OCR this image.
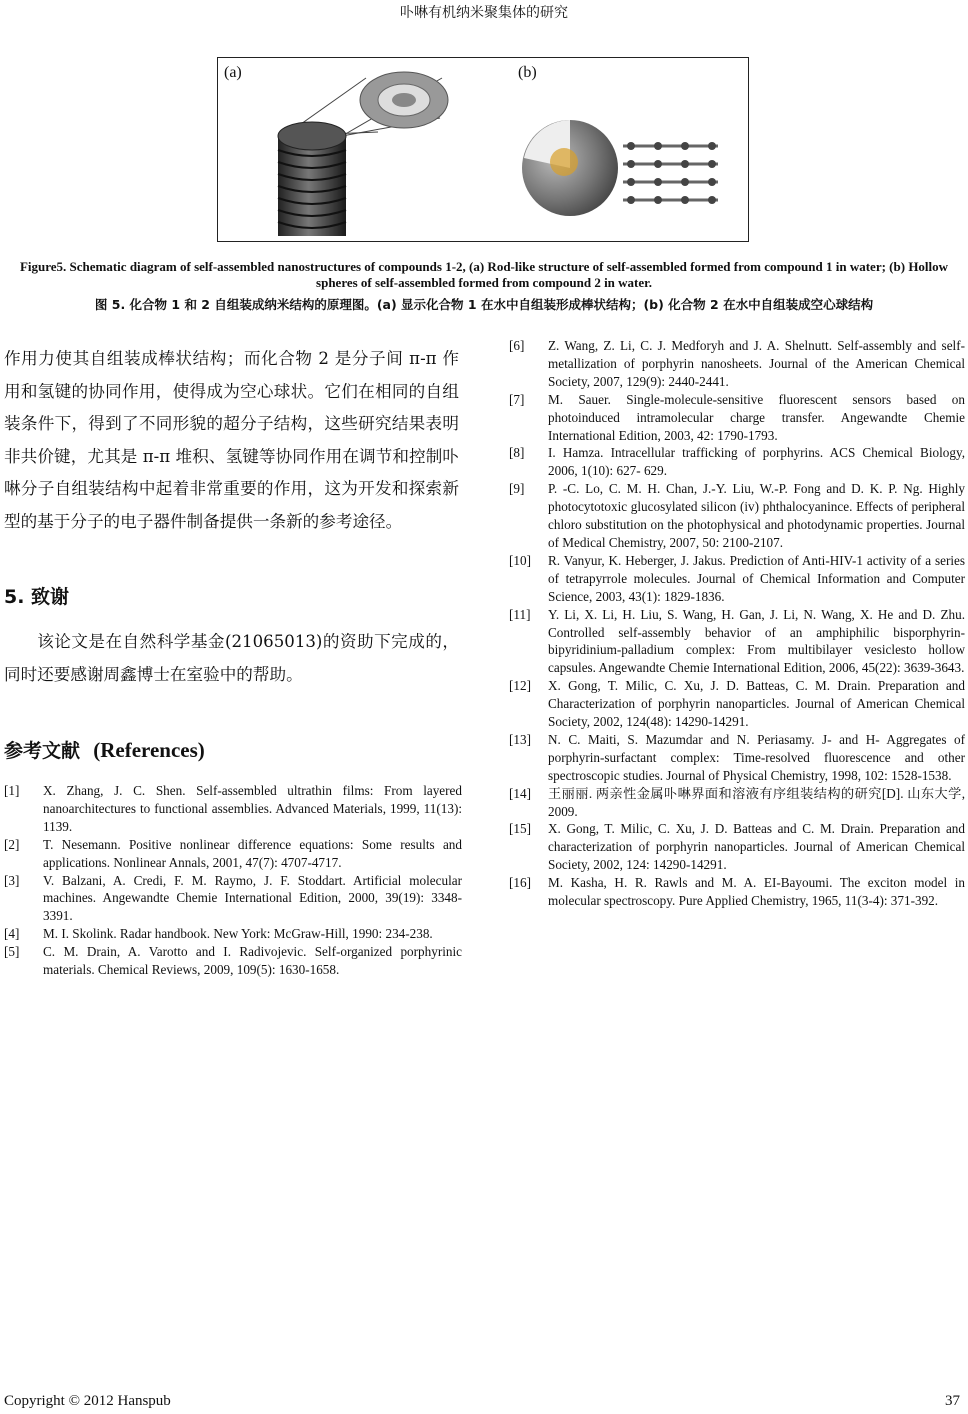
卟啉有机纳米聚集体的研究
(a)	(b)
Figure5. Schematic diagram of self-assembled nanostructures of compounds 1-2, (a) Rod-like structure of self-assembled formed from compound 1 in water; (b) Hollow spheres of self-assembled formed from compound 2 in water.
图 5. 化合物 1 和 2 自组装成纳米结构的原理图。(a) 显示化合物 1 在水中自组装形成棒状结构；(b) 化合物 2 在水中自组装成空心球结构

作用力使其自组装成棒状结构；而化合物 2 是分子间 π-π 作用和氢键的协同作用，使得成为空心球状。它们在相同的自组装条件下，得到了不同形貌的超分子结构，这些研究结果表明非共价键，尤其是 π-π 堆积、氢键等协同作用在调节和控制卟啉分子自组装结构中起着非常重要的作用，这为开发和探索新型的基于分子的电子器件制备提供一条新的参考途径。

5. 致谢

该论文是在自然科学基金(21065013)的资助下完成的，同时还要感谢周鑫博士在室验中的帮助。

参考文献 (References)
[1]	X. Zhang, J. C. Shen. Self-assembled ultrathin films: From layered nanoarchitectures to functional assemblies. Advanced Materials, 1999, 11(13): 1139.
[2]	T. Nesemann. Positive nonlinear difference equations: Some results and applications. Nonlinear Annals, 2001, 47(7): 4707-4717.
[3]	V. Balzani, A. Credi, F. M. Raymo, J. F. Stoddart. Artificial molecular machines. Angewandte Chemie International Edition, 2000, 39(19): 3348-3391.
[4]	M. I. Skolink. Radar handbook. New York: McGraw-Hill, 1990: 234-238.
[5]	C. M. Drain, A. Varotto and I. Radivojevic. Self-organized porphyrinic materials. Chemical Reviews, 2009, 109(5): 1630-1658.
[6]	Z. Wang, Z. Li, C. J. Medforyh and J. A. Shelnutt. Self-assembly and self-metallization of porphyrin nanosheets. Journal of the American Chemical Society, 2007, 129(9): 2440-2441.
[7]	M. Sauer. Single-molecule-sensitive fluorescent sensors based on photoinduced intramolecular charge transfer. Angewandte Chemie International Edition, 2003, 42: 1790-1793.
[8]	I. Hamza. Intracellular trafficking of porphyrins. ACS Chemical Biology, 2006, 1(10): 627- 629.
[9]	P. -C. Lo, C. M. H. Chan, J.-Y. Liu, W.-P. Fong and D. K. P. Ng. Highly photocytotoxic glucosylated silicon (iv) phthalocyanince. Effects of peripheral chloro substitution on the photophysical and photodynamic properties. Journal of Medical Chemistry, 2007, 50: 2100-2107.
[10]	R. Vanyur, K. Heberger, J. Jakus. Prediction of Anti-HIV-1 activity of a series of tetrapyrrole molecules. Journal of Chemical Information and Computer Science, 2003, 43(1): 1829-1836.
[11]	Y. Li, X. Li, H. Liu, S. Wang, H. Gan, J. Li, N. Wang, X. He and D. Zhu. Controlled self-assembly behavior of an amphiphilic bisporphyrin-bipyridinium-palladium complex: From multibilayer vesiclesto hollow capsules. Angewandte Chemie International Edition, 2006, 45(22): 3639-3643.
[12]	X. Gong, T. Milic, C. Xu, J. D. Batteas, C. M. Drain. Preparation and Characterization of porphyrin nanoparticles. Journal of American Chemical Society, 2002, 124(48): 14290-14291.
[13]	N. C. Maiti, S. Mazumdar and N. Periasamy. J- and H- Aggregates of porphyrin-surfactant complex: Time-resolved fluorescence and other spectroscopic studies. Journal of Physical Chemistry, 1998, 102: 1528-1538.
[14]	王丽丽. 两亲性金属卟啉界面和溶液有序组装结构的研究[D]. 山东大学, 2009.
[15]	X. Gong, T. Milic, C. Xu, J. D. Batteas and C. M. Drain. Preparation and characterization of porphyrin nanoparticles. Journal of American Chemical Society, 2002, 124: 14290-14291.
[16]	M. Kasha, H. R. Rawls and M. A. EI-Bayoumi. The exciton model in molecular spectroscopy. Pure Applied Chemistry, 1965, 11(3-4): 371-392.
Copyright © 2012 Hanspub	37
